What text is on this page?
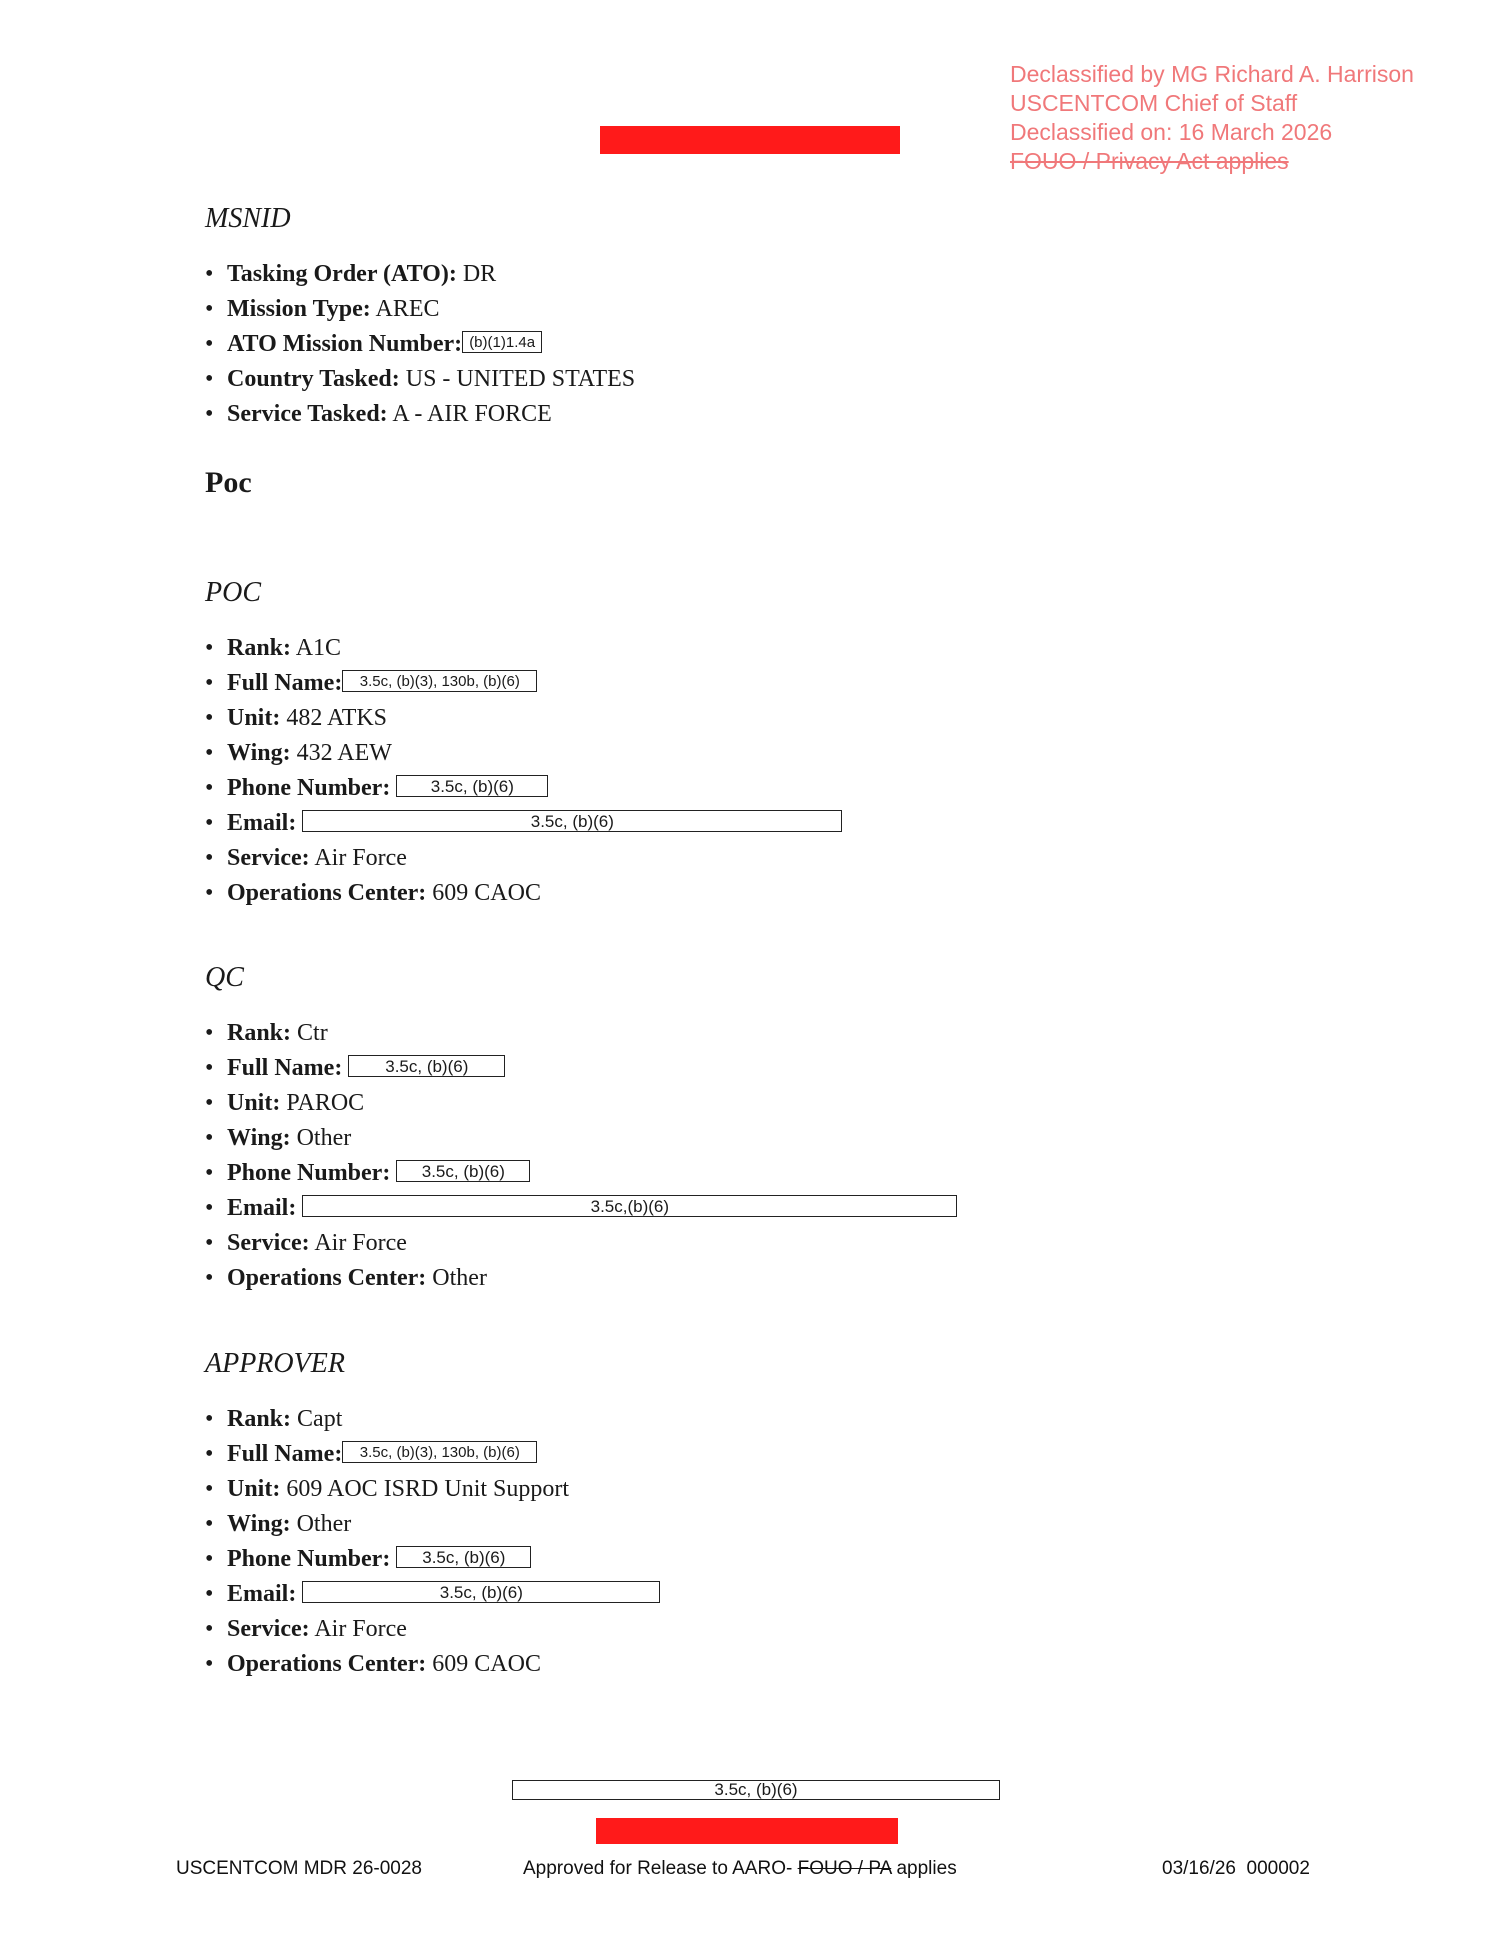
Declassified by MG Richard A. Harrison
USCENTCOM Chief of Staff
Declassified on: 16 March 2026
FOUO / Privacy Act applies
MSNID
• Tasking Order (ATO): DR
• Mission Type: AREC
• ATO Mission Number: (b)(1)1.4a
• Country Tasked: US - UNITED STATES
• Service Tasked: A - AIR FORCE
Poc
POC
• Rank: A1C
• Full Name: 3.5c, (b)(3), 130b, (b)(6)
• Unit: 482 ATKS
• Wing: 432 AEW
• Phone Number: 3.5c, (b)(6)
• Email:	3.5c, (b)(6)
• Service: Air Force
• Operations Center: 609 CAOC
QC
• Rank: Ctr
• Full Name:	3.5c, (b)(6)
• Unit: PAROC
• Wing: Other
• Phone Number: 3.5c, (b)(6)
• Email:	3.5c,(b)(6)
• Service: Air Force
• Operations Center: Other
APPROVER
• Rank: Capt
• Full Name: 3.5c, (b)(3), 130b, (b)(6)
• Unit: 609 AOC ISRD Unit Support
• Wing: Other
• Phone Number: 3.5c, (b)(6)
• Email:	3.5c, (b)(6)
• Service: Air Force
• Operations Center: 609 CAOC
3.5c, (b)(6)
USCENTCOM MDR 26-0028	Approved for Release to AARO- FOUO / PA applies	03/16/26  000002
